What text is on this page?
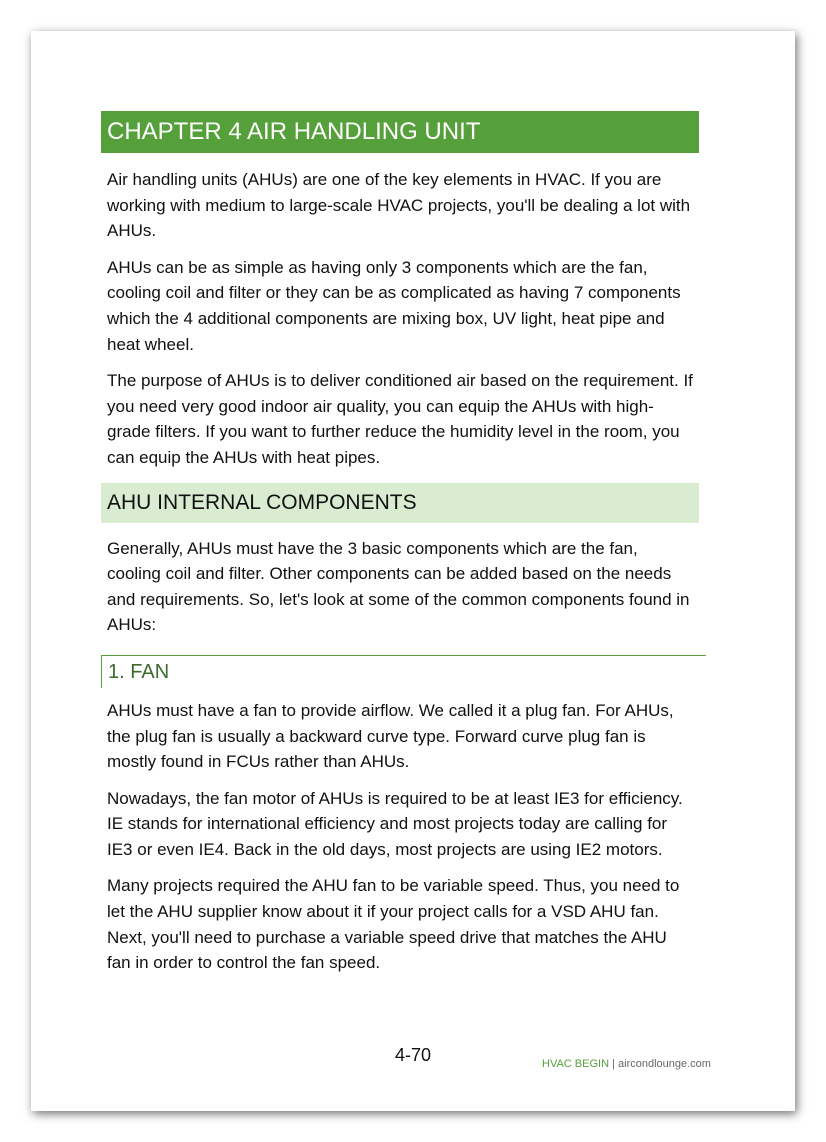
CHAPTER 4 AIR HANDLING UNIT

Air handling units (AHUs) are one of the key elements in HVAC. If you are working with medium to large-scale HVAC projects, you'll be dealing a lot with AHUs.

AHUs can be as simple as having only 3 components which are the fan, cooling coil and filter or they can be as complicated as having 7 components which the 4 additional components are mixing box, UV light, heat pipe and heat wheel.

The purpose of AHUs is to deliver conditioned air based on the requirement. If you need very good indoor air quality, you can equip the AHUs with high-grade filters. If you want to further reduce the humidity level in the room, you can equip the AHUs with heat pipes.

AHU INTERNAL COMPONENTS

Generally, AHUs must have the 3 basic components which are the fan, cooling coil and filter. Other components can be added based on the needs and requirements. So, let's look at some of the common components found in AHUs:

1. FAN

AHUs must have a fan to provide airflow. We called it a plug fan. For AHUs, the plug fan is usually a backward curve type. Forward curve plug fan is mostly found in FCUs rather than AHUs.

Nowadays, the fan motor of AHUs is required to be at least IE3 for efficiency. IE stands for international efficiency and most projects today are calling for IE3 or even IE4. Back in the old days, most projects are using IE2 motors.

Many projects required the AHU fan to be variable speed. Thus, you need to let the AHU supplier know about it if your project calls for a VSD AHU fan. Next, you'll need to purchase a variable speed drive that matches the AHU fan in order to control the fan speed.

4-70	HVAC BEGIN | aircondlounge.com
